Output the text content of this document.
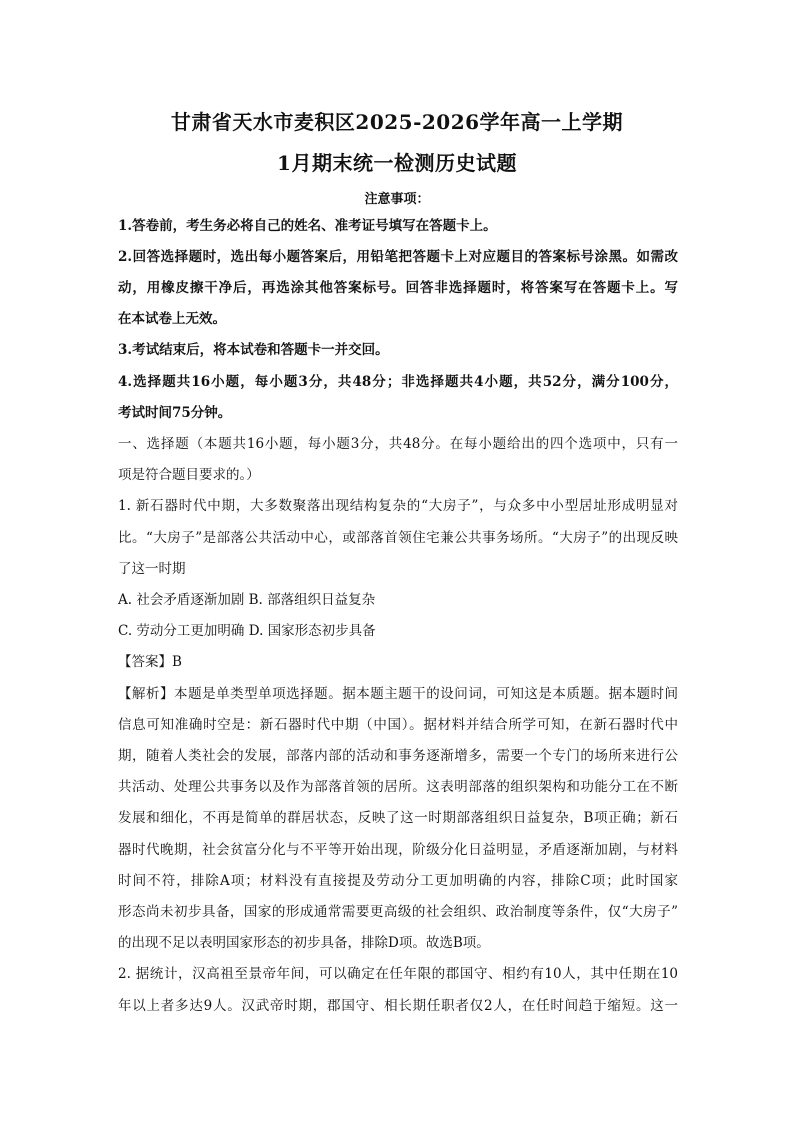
甘肃省天水市麦积区2025-2026学年高一上学期
1月期末统一检测历史试题
注意事项：
1.答卷前，考生务必将自己的姓名、准考证号填写在答题卡上。
2.回答选择题时，选出每小题答案后，用铅笔把答题卡上对应题目的答案标号涂黑。如需改
动，用橡皮擦干净后，再选涂其他答案标号。回答非选择题时，将答案写在答题卡上。写
在本试卷上无效。
3.考试结束后，将本试卷和答题卡一并交回。
4.选择题共16小题，每小题3分，共48分；非选择题共4小题，共52分，满分100分，
考试时间75分钟。
一、选择题（本题共16小题，每小题3分，共48分。在每小题给出的四个选项中，只有一
项是符合题目要求的。）
1. 新石器时代中期，大多数聚落出现结构复杂的“大房子”，与众多中小型居址形成明显对
比。“大房子”是部落公共活动中心，或部落首领住宅兼公共事务场所。“大房子”的出现反映
了这一时期
A. 社会矛盾逐渐加剧 B. 部落组织日益复杂
C. 劳动分工更加明确 D. 国家形态初步具备
【答案】B
【解析】本题是单类型单项选择题。据本题主题干的设问词，可知这是本质题。据本题时间
信息可知准确时空是：新石器时代中期（中国）。据材料并结合所学可知，在新石器时代中
期，随着人类社会的发展，部落内部的活动和事务逐渐增多，需要一个专门的场所来进行公
共活动、处理公共事务以及作为部落首领的居所。这表明部落的组织架构和功能分工在不断
发展和细化，不再是简单的群居状态，反映了这一时期部落组织日益复杂，B项正确；新石
器时代晚期，社会贫富分化与不平等开始出现，阶级分化日益明显，矛盾逐渐加剧，与材料
时间不符，排除A项；材料没有直接提及劳动分工更加明确的内容，排除C项；此时国家
形态尚未初步具备，国家的形成通常需要更高级的社会组织、政治制度等条件，仅“大房子”
的出现不足以表明国家形态的初步具备，排除D项。故选B项。
2. 据统计，汉高祖至景帝年间，可以确定在任年限的郡国守、相约有10人，其中任期在10
年以上者多达9人。汉武帝时期，郡国守、相长期任职者仅2人，在任时间趋于缩短。这一
